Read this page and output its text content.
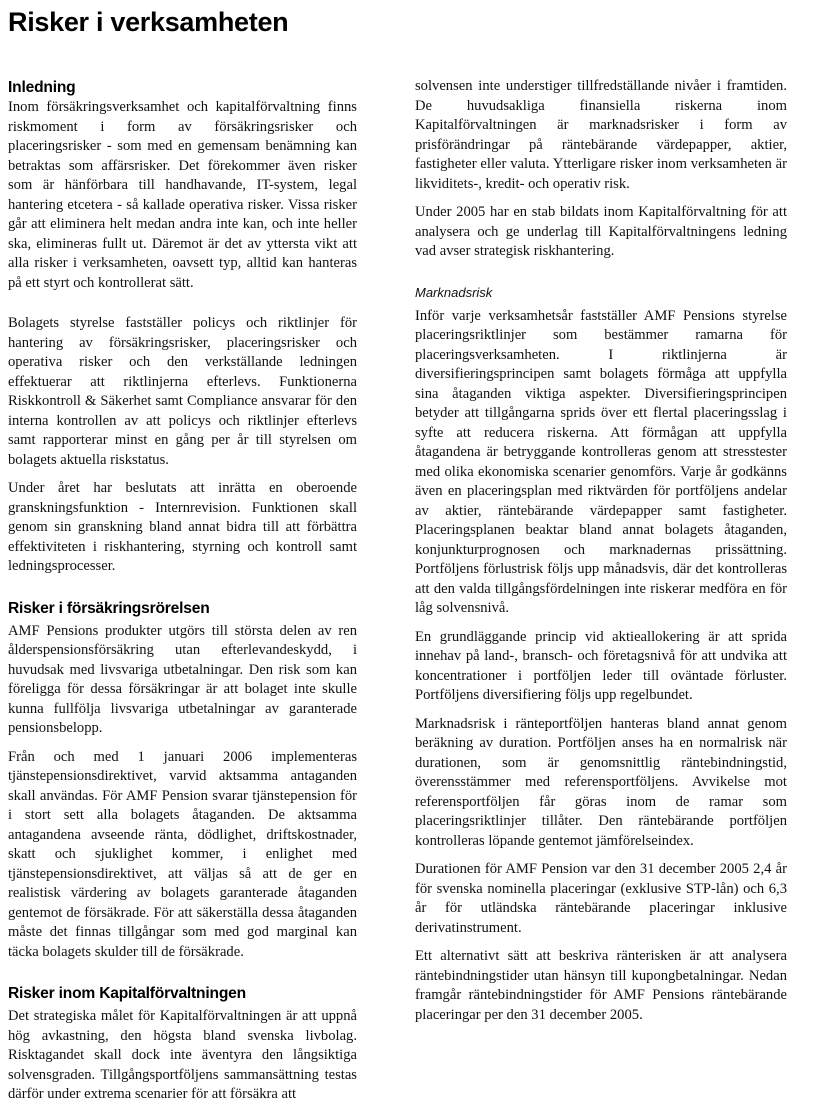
Risker i verksamheten
Inledning

Inom försäkringsverksamhet och kapitalförvaltning finns riskmoment i form av försäkringsrisker och placeringsrisker - som med en gemensam benämning kan betraktas som affärsrisker. Det förekommer även risker som är hänförbara till handhavande, IT-system, legal hantering etcetera - så kallade operativa risker. Vissa risker går att eliminera helt medan andra inte kan, och inte heller ska, elimineras fullt ut. Däremot är det av yttersta vikt att alla risker i verksamheten, oavsett typ, alltid kan hanteras på ett styrt och kontrollerat sätt.

Bolagets styrelse fastställer policys och riktlinjer för hantering av försäkringsrisker, placeringsrisker och operativa risker och den verkställande ledningen effektuerar att riktlinjerna efterlevs. Funktionerna Riskkontroll & Säkerhet samt Compliance ansvarar för den interna kontrollen av att policys och riktlinjer efterlevs samt rapporterar minst en gång per år till styrelsen om bolagets aktuella riskstatus.

Under året har beslutats att inrätta en oberoende granskningsfunktion - Internrevision. Funktionen skall genom sin granskning bland annat bidra till att förbättra effektiviteten i riskhantering, styrning och kontroll samt ledningsprocesser.

Risker i försäkringsrörelsen

AMF Pensions produkter utgörs till största delen av ren ålderspensionsförsäkring utan efterlevandeskydd, i huvudsak med livsvariga utbetalningar. Den risk som kan föreligga för dessa försäkringar är att bolaget inte skulle kunna fullfölja livsvariga utbetalningar av garanterade pensionsbelopp.

Från och med 1 januari 2006 implementeras tjänstepensionsdirektivet, varvid aktsamma antaganden skall användas. För AMF Pension svarar tjänstepension för i stort sett alla bolagets åtaganden. De aktsamma antagandena avseende ränta, dödlighet, driftskostnader, skatt och sjuklighet kommer, i enlighet med tjänstepensionsdirektivet, att väljas så att de ger en realistisk värdering av bolagets garanterade åtaganden gentemot de försäkrade. För att säkerställa dessa åtaganden måste det finnas tillgångar som med god marginal kan täcka bolagets skulder till de försäkrade.

Risker inom Kapitalförvaltningen

Det strategiska målet för Kapitalförvaltningen är att uppnå hög avkastning, den högsta bland svenska livbolag. Risktagandet skall dock inte äventyra den långsiktiga solvensgraden. Tillgångsportföljens sammansättning testas därför under extrema scenarier för att försäkra att

solvensen inte understiger tillfredställande nivåer i framtiden. De huvudsakliga finansiella riskerna inom Kapitalförvaltningen är marknadsrisker i form av prisförändringar på räntebärande värdepapper, aktier, fastigheter eller valuta. Ytterligare risker inom verksamheten är likviditets-, kredit- och operativ risk.

Under 2005 har en stab bildats inom Kapitalförvaltning för att analysera och ge underlag till Kapitalförvaltningens ledning vad avser strategisk riskhantering.

Marknadsrisk

Inför varje verksamhetsår fastställer AMF Pensions styrelse placeringsriktlinjer som bestämmer ramarna för placeringsverksamheten. I riktlinjerna är diversifieringsprincipen samt bolagets förmåga att uppfylla sina åtaganden viktiga aspekter. Diversifieringsprincipen betyder att tillgångarna sprids över ett flertal placeringsslag i syfte att reducera riskerna. Att förmågan att uppfylla åtagandena är betryggande kontrolleras genom att stresstester med olika ekonomiska scenarier genomförs. Varje år godkänns även en placeringsplan med riktvärden för portföljens andelar av aktier, räntebärande värdepapper samt fastigheter. Placeringsplanen beaktar bland annat bolagets åtaganden, konjunkturprognosen och marknadernas prissättning. Portföljens förlustrisk följs upp månadsvis, där det kontrolleras att den valda tillgångsfördelningen inte riskerar medföra en för låg solvensnivå.

En grundläggande princip vid aktieallokering är att sprida innehav på land-, bransch- och företagsnivå för att undvika att koncentrationer i portföljen leder till oväntade förluster. Portföljens diversifiering följs upp regelbundet.

Marknadsrisk i ränteportföljen hanteras bland annat genom beräkning av duration. Portföljen anses ha en normalrisk när durationen, som är genomsnittlig räntebindningstid, överensstämmer med referensportföljens. Avvikelse mot referensportföljen får göras inom de ramar som placeringsriktlinjer tillåter. Den räntebärande portföljen kontrolleras löpande gentemot jämförelseindex.

Durationen för AMF Pension var den 31 december 2005 2,4 år för svenska nominella placeringar (exklusive STP-lån) och 6,3 år för utländska räntebärande placeringar inklusive derivatinstrument.

Ett alternativt sätt att beskriva ränterisken är att analysera räntebindningstider utan hänsyn till kupongbetalningar. Nedan framgår räntebindningstider för AMF Pensions räntebärande placeringar per den 31 december 2005.
